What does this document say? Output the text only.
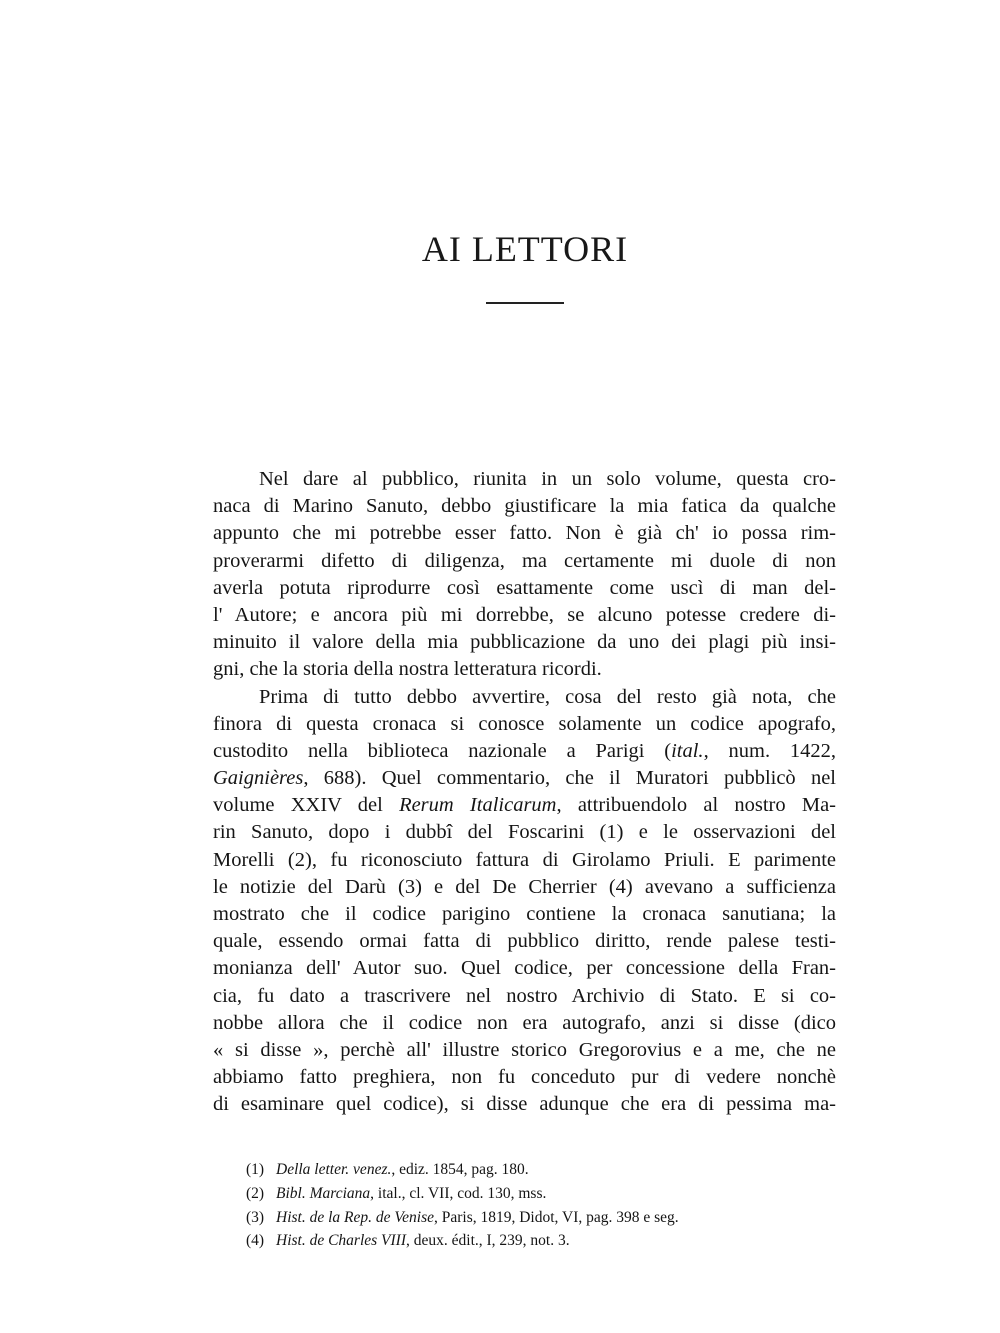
AI LETTORI
Nel dare al pubblico, riunita in un solo volume, questa cro-
naca di Marino Sanuto, debbo giustificare la mia fatica da qualche
appunto che mi potrebbe esser fatto. Non è già ch' io possa rim-
proverarmi difetto di diligenza, ma certamente mi duole di non
averla potuta riprodurre così esattamente come uscì di man del-
l' Autore; e ancora più mi dorrebbe, se alcuno potesse credere di-
minuito il valore della mia pubblicazione da uno dei plagi più insi-
gni, che la storia della nostra letteratura ricordi.
Prima di tutto debbo avvertire, cosa del resto già nota, che
finora di questa cronaca si conosce solamente un codice apografo,
custodito nella biblioteca nazionale a Parigi (ital., num. 1422,
Gaignières, 688). Quel commentario, che il Muratori pubblicò nel
volume XXIV del Rerum Italicarum, attribuendolo al nostro Ma-
rin Sanuto, dopo i dubbî del Foscarini (1) e le osservazioni del
Morelli (2), fu riconosciuto fattura di Girolamo Priuli. E parimente
le notizie del Darù (3) e del De Cherrier (4) avevano a sufficienza
mostrato che il codice parigino contiene la cronaca sanutiana; la
quale, essendo ormai fatta di pubblico diritto, rende palese testi-
monianza dell' Autor suo. Quel codice, per concessione della Fran-
cia, fu dato a trascrivere nel nostro Archivio di Stato. E si co-
nobbe allora che il codice non era autografo, anzi si disse (dico
« si disse », perchè all' illustre storico Gregorovius e a me, che ne
abbiamo fatto preghiera, non fu conceduto pur di vedere nonchè
di esaminare quel codice), si disse adunque che era di pessima ma-
(1) Della letter. venez., ediz. 1854, pag. 180.
(2) Bibl. Marciana, ital., cl. VII, cod. 130, mss.
(3) Hist. de la Rep. de Venise, Paris, 1819, Didot, VI, pag. 398 e seg.
(4) Hist. de Charles VIII, deux. édit., I, 239, not. 3.
